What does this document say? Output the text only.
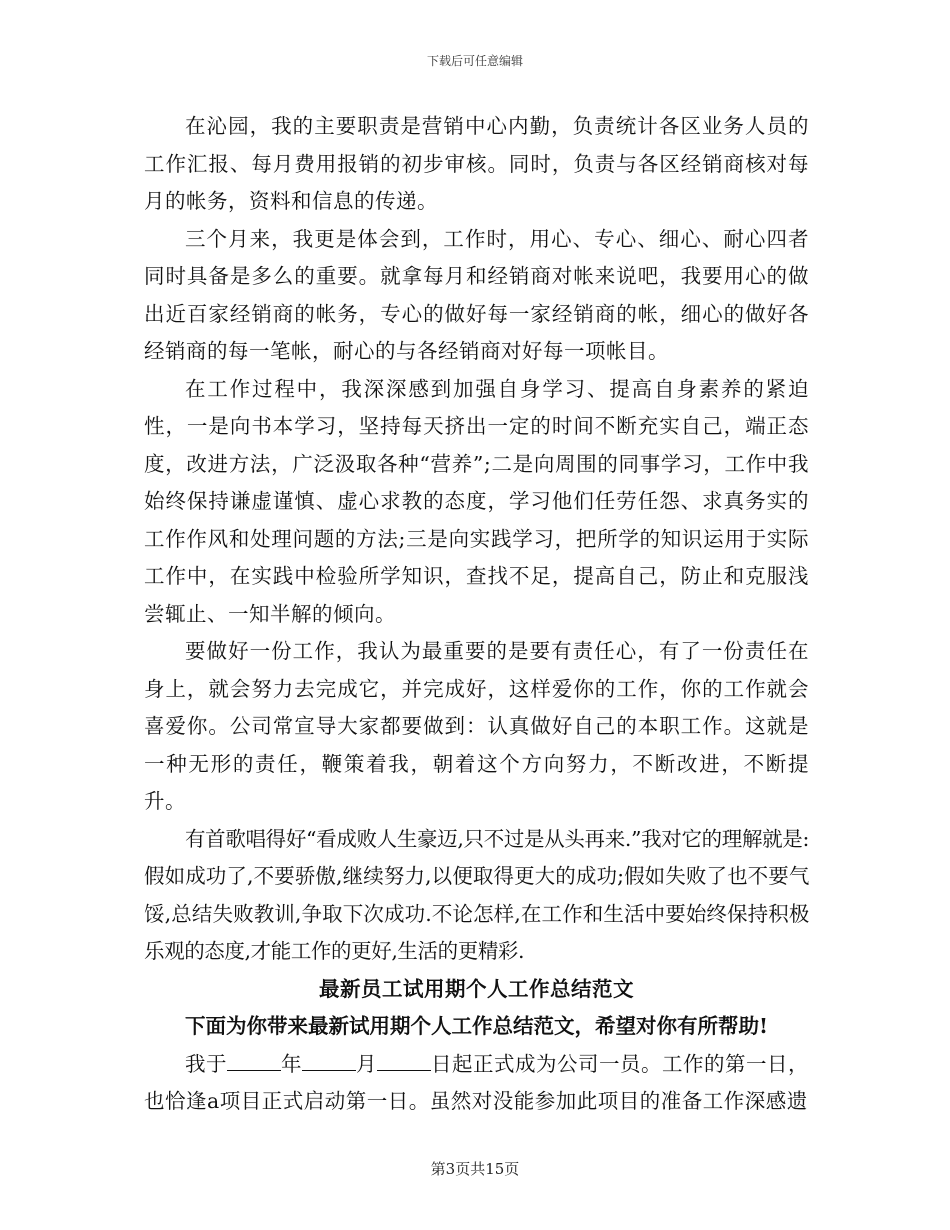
下载后可任意编辑

在沁园，我的主要职责是营销中心内勤，负责统计各区业务人员的工作汇报、每月费用报销的初步审核。同时，负责与各区经销商核对每月的帐务，资料和信息的传递。

三个月来，我更是体会到，工作时，用心、专心、细心、耐心四者同时具备是多么的重要。就拿每月和经销商对帐来说吧，我要用心的做出近百家经销商的帐务，专心的做好每一家经销商的帐，细心的做好各经销商的每一笔帐，耐心的与各经销商对好每一项帐目。

在工作过程中，我深深感到加强自身学习、提高自身素养的紧迫性，一是向书本学习，坚持每天挤出一定的时间不断充实自己，端正态度，改进方法，广泛汲取各种“营养”;二是向周围的同事学习，工作中我始终保持谦虚谨慎、虚心求教的态度，学习他们任劳任怨、求真务实的工作作风和处理问题的方法;三是向实践学习，把所学的知识运用于实际工作中，在实践中检验所学知识，查找不足，提高自己，防止和克服浅尝辄止、一知半解的倾向。

要做好一份工作，我认为最重要的是要有责任心，有了一份责任在身上，就会努力去完成它，并完成好，这样爱你的工作，你的工作就会喜爱你。公司常宣导大家都要做到：认真做好自己的本职工作。这就是一种无形的责任，鞭策着我，朝着这个方向努力，不断改进，不断提升。

有首歌唱得好“看成败人生豪迈,只不过是从头再来.”我对它的理解就是:假如成功了,不要骄傲,继续努力,以便取得更大的成功;假如失败了也不要气馁,总结失败教训,争取下次成功.不论怎样,在工作和生活中要始终保持积极乐观的态度,才能工作的更好,生活的更精彩.

最新员工试用期个人工作总结范文

下面为你带来最新试用期个人工作总结范文，希望对你有所帮助!

我于	年	月	日起正式成为公司一员。工作的第一日，也恰逢a项目正式启动第一日。虽然对没能参加此项目的准备工作深感遗

第3页共15页
